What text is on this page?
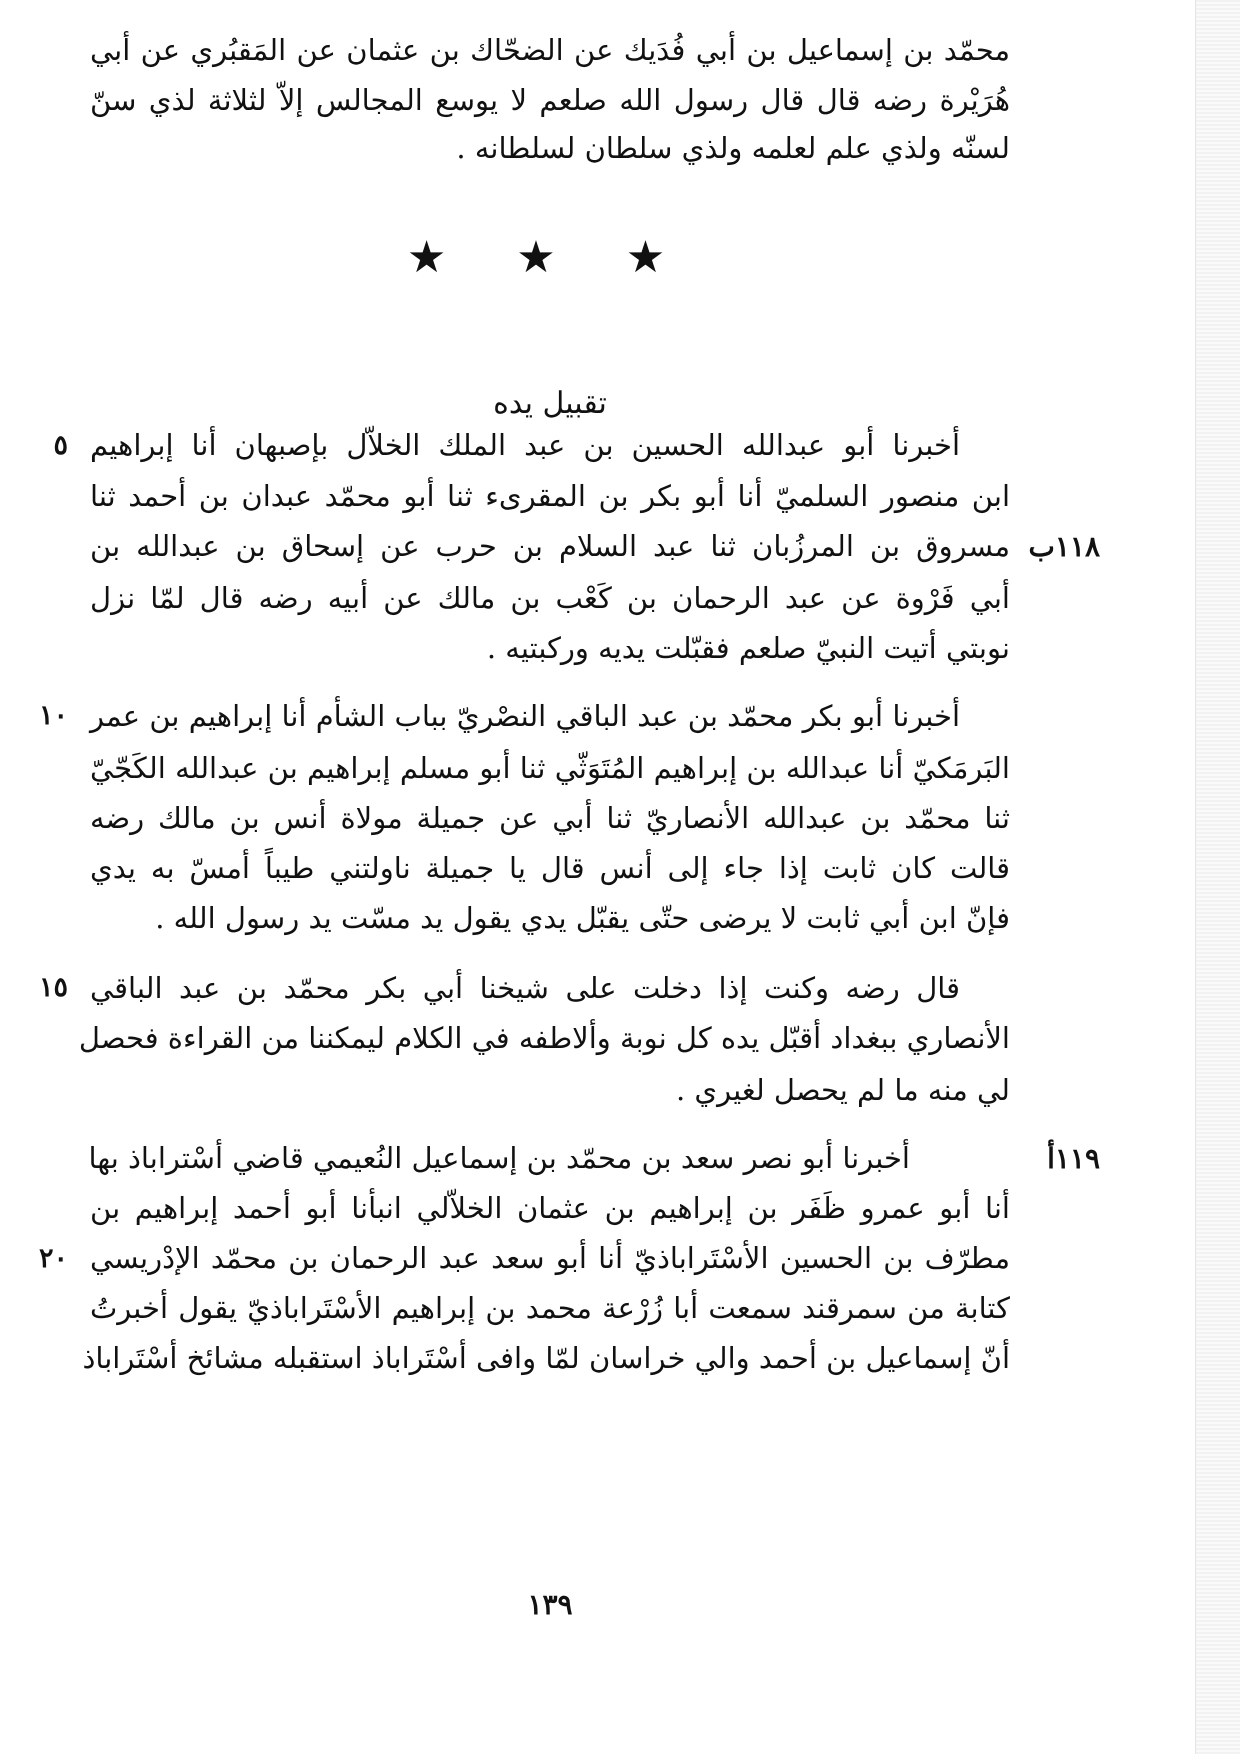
محمّد بن إسماعيل بن أبي فُدَيك عن الضحّاك بن عثمان عن المَقبُري عن أبي
هُرَيْرة رضه قال قال رسول الله صلعم لا يوسع المجالس إلاّ لثلاثة لذي سنّ
لسنّه ولذي علم لعلمه ولذي سلطان لسلطانه .
★ ★ ★
تقبيل يده
أخبرنا أبو عبدالله الحسين بن عبد الملك الخلاّل بإصبهان أنا إبراهيم
ابن منصور السلميّ أنا أبو بكر بن المقرىء ثنا أبو محمّد عبدان بن أحمد ثنا
مسروق بن المرزُبان ثنا عبد السلام بن حرب عن إسحاق بن عبدالله بن
أبي فَرْوة عن عبد الرحمان بن كَعْب بن مالك عن أبيه رضه قال لمّا نزل
نوبتي أتيت النبيّ صلعم فقبّلت يديه وركبتيه .
أخبرنا أبو بكر محمّد بن عبد الباقي النصْريّ بباب الشأم أنا إبراهيم بن عمر
البَرمَكيّ أنا عبدالله بن إبراهيم المُتَوَثّي ثنا أبو مسلم إبراهيم بن عبدالله الكَجّيّ
ثنا محمّد بن عبدالله الأنصاريّ ثنا أبي عن جميلة مولاة أنس بن مالك رضه
قالت كان ثابت إذا جاء إلى أنس قال يا جميلة ناولتني طيباً أمسّ به يدي
فإنّ ابن أبي ثابت لا يرضى حتّى يقبّل يدي يقول يد مسّت يد رسول الله .
قال رضه وكنت إذا دخلت على شيخنا أبي بكر محمّد بن عبد الباقي
الأنصاري ببغداد أقبّل يده كل نوبة وألاطفه في الكلام ليمكننا من القراءة فحصل
لي منه ما لم يحصل لغيري .
أخبرنا أبو نصر سعد بن محمّد بن إسماعيل النُعيمي قاضي أسْتراباذ بها
أنا أبو عمرو ظَفَر بن إبراهيم بن عثمان الخلاّلي انبأنا أبو أحمد إبراهيم بن
مطرّف بن الحسين الأسْتَراباذيّ أنا أبو سعد عبد الرحمان بن محمّد الإدْريسي
كتابة من سمرقند سمعت أبا زُرْعة محمد بن إبراهيم الأسْتَراباذيّ يقول أخبرتُ
أنّ إسماعيل بن أحمد والي خراسان لمّا وافى أسْتَراباذ استقبله مشائخ أسْتَراباذ
٥
١٠
١٥
٢٠
١١٨ب
١١٩أ
١٣٩
